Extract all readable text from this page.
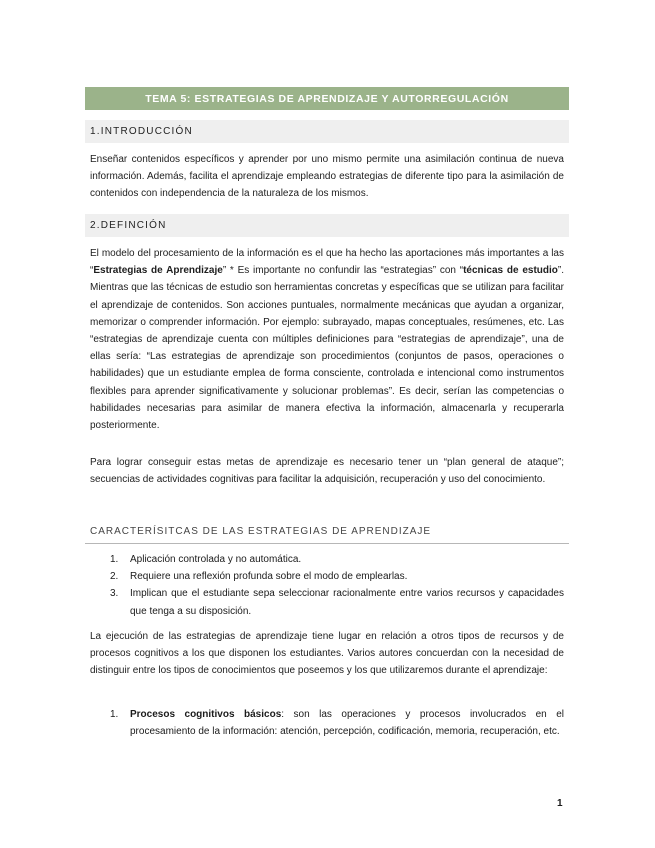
TEMA 5: ESTRATEGIAS DE APRENDIZAJE Y AUTORREGULACIÓN
1.INTRODUCCIÓN
Enseñar contenidos específicos y aprender por uno mismo permite una asimilación continua de nueva información. Además, facilita el aprendizaje empleando estrategias de diferente tipo para la asimilación de contenidos con independencia de la naturaleza de los mismos.
2.DEFINCIÓN
El modelo del procesamiento de la información es el que ha hecho las aportaciones más importantes a las “Estrategias de Aprendizaje” * Es importante no confundir las “estrategias” con “técnicas de estudio”. Mientras que las técnicas de estudio son herramientas concretas y específicas que se utilizan para facilitar el aprendizaje de contenidos. Son acciones puntuales, normalmente mecánicas que ayudan a organizar, memorizar o comprender información. Por ejemplo: subrayado, mapas conceptuales, resúmenes, etc. Las “estrategias de aprendizaje cuenta con múltiples definiciones para “estrategias de aprendizaje”, una de ellas sería: “Las estrategias de aprendizaje son procedimientos (conjuntos de pasos, operaciones o habilidades) que un estudiante emplea de forma consciente, controlada e intencional como instrumentos flexibles para aprender significativamente y solucionar problemas”. Es decir, serían las competencias o habilidades necesarias para asimilar de manera efectiva la información, almacenarla y recuperarla posteriormente.
Para lograr conseguir estas metas de aprendizaje es necesario tener un “plan general de ataque”; secuencias de actividades cognitivas para facilitar la adquisición, recuperación y uso del conocimiento.
CARACTERÍSITCAS DE LAS ESTRATEGIAS DE APRENDIZAJE
1. Aplicación controlada y no automática.
2. Requiere una reflexión profunda sobre el modo de emplearlas.
3. Implican que el estudiante sepa seleccionar racionalmente entre varios recursos y capacidades que tenga a su disposición.
La ejecución de las estrategias de aprendizaje tiene lugar en relación a otros tipos de recursos y de procesos cognitivos a los que disponen los estudiantes. Varios autores concuerdan con la necesidad de distinguir entre los tipos de conocimientos que poseemos y los que utilizaremos durante el aprendizaje:
1. Procesos cognitivos básicos: son las operaciones y procesos involucrados en el procesamiento de la información: atención, percepción, codificación, memoria, recuperación, etc.
1
